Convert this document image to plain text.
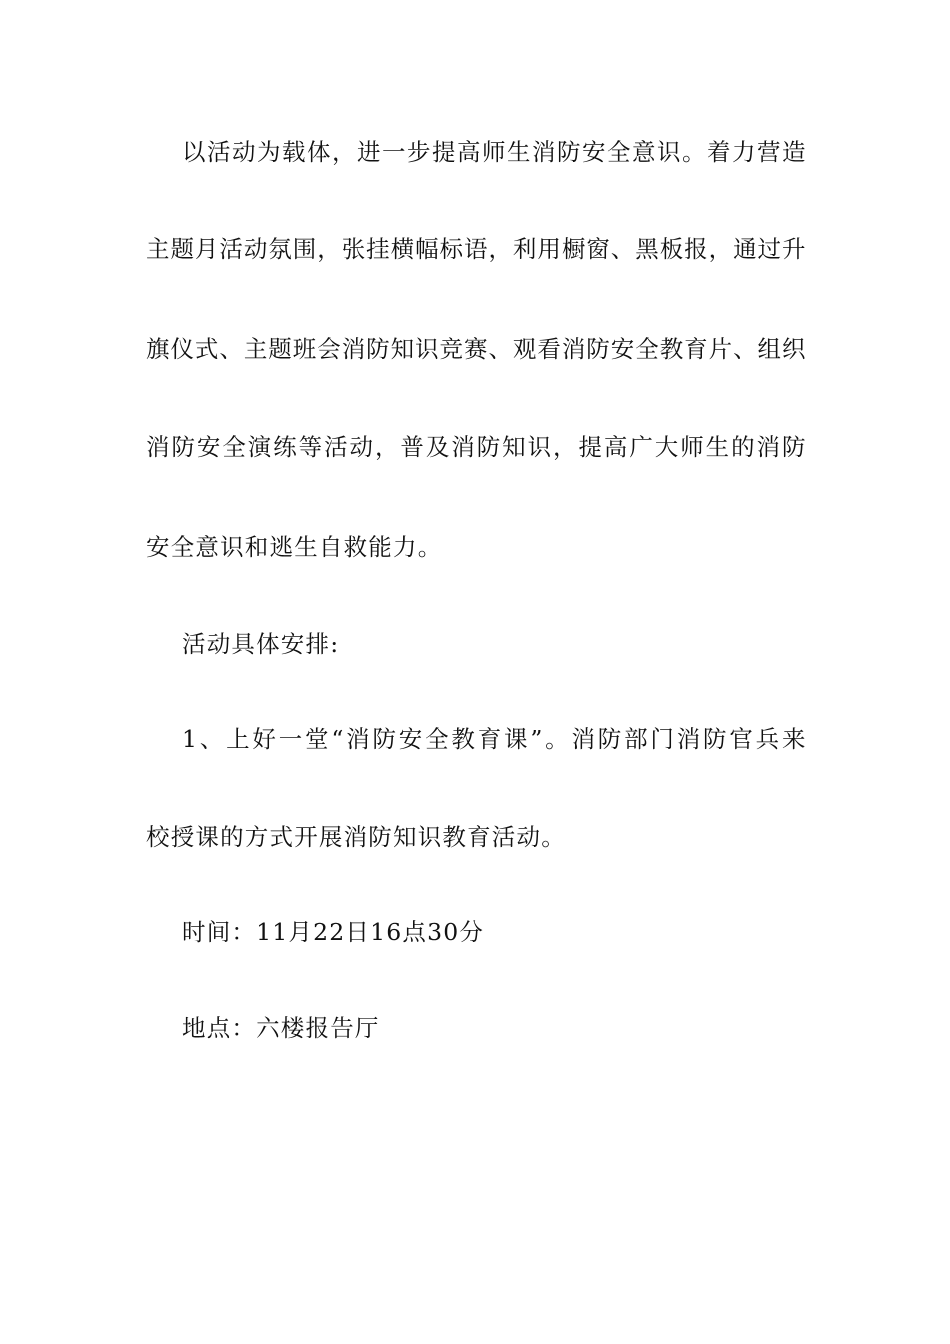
以活动为载体，进一步提高师生消防安全意识。着力营造
主题月活动氛围，张挂横幅标语，利用橱窗、黑板报，通过升
旗仪式、主题班会消防知识竞赛、观看消防安全教育片、组织
消防安全演练等活动，普及消防知识，提高广大师生的消防
安全意识和逃生自救能力。
活动具体安排:
1、上好一堂“消防安全教育课”。消防部门消防官兵来
校授课的方式开展消防知识教育活动。
时间：11月22日16点30分
地点：六楼报告厅
